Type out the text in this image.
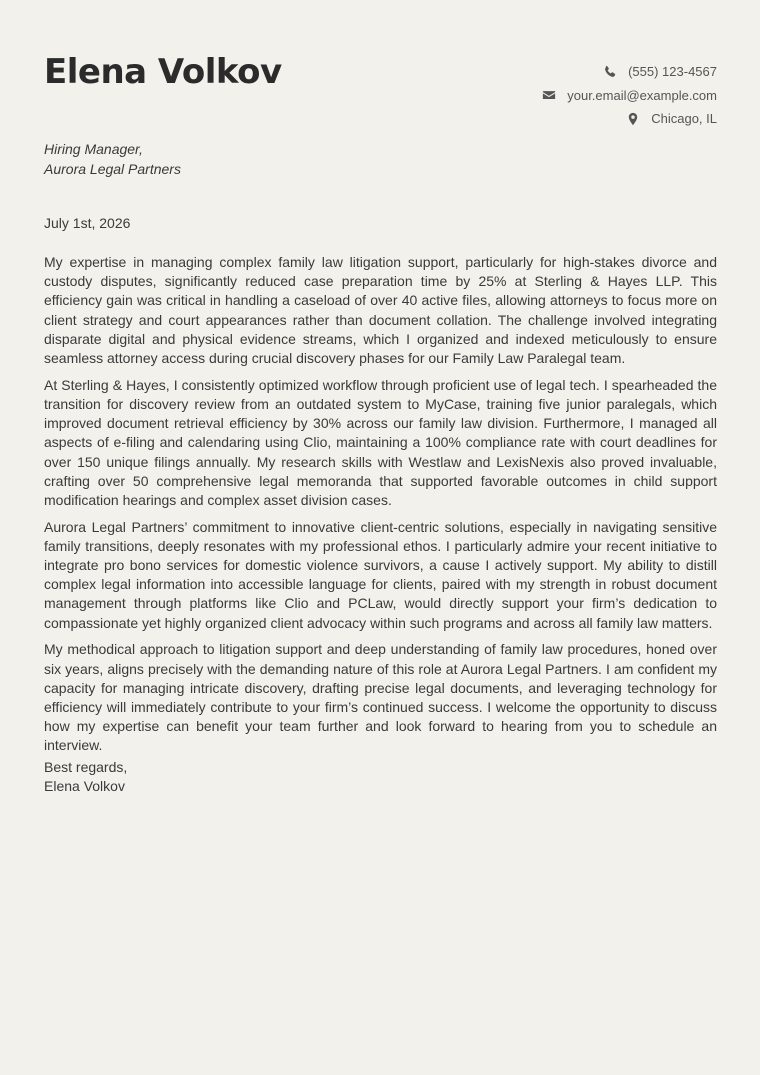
Elena Volkov	(555) 123-4567
your.email@example.com
Chicago, IL
Hiring Manager,
Aurora Legal Partners
July 1st, 2026

My expertise in managing complex family law litigation support, particularly for high-stakes divorce and custody disputes, significantly reduced case preparation time by 25% at Sterling & Hayes LLP. This efficiency gain was critical in handling a caseload of over 40 active files, allowing attorneys to focus more on client strategy and court appearances rather than document collation. The challenge involved integrating disparate digital and physical evidence streams, which I organized and indexed meticulously to ensure seamless attorney access during crucial discovery phases for our Family Law Paralegal team.

At Sterling & Hayes, I consistently optimized workflow through proficient use of legal tech. I spearheaded the transition for discovery review from an outdated system to MyCase, training five junior paralegals, which improved document retrieval efficiency by 30% across our family law division. Furthermore, I managed all aspects of e-filing and calendaring using Clio, maintaining a 100% compliance rate with court deadlines for over 150 unique filings annually. My research skills with Westlaw and LexisNexis also proved invaluable, crafting over 50 comprehensive legal memoranda that supported favorable outcomes in child support modification hearings and complex asset division cases.

Aurora Legal Partners’ commitment to innovative client-centric solutions, especially in navigating sensitive family transitions, deeply resonates with my professional ethos. I particularly admire your recent initiative to integrate pro bono services for domestic violence survivors, a cause I actively support. My ability to distill complex legal information into accessible language for clients, paired with my strength in robust document management through platforms like Clio and PCLaw, would directly support your firm’s dedication to compassionate yet highly organized client advocacy within such programs and across all family law matters.

My methodical approach to litigation support and deep understanding of family law procedures, honed over six years, aligns precisely with the demanding nature of this role at Aurora Legal Partners. I am confident my capacity for managing intricate discovery, drafting precise legal documents, and leveraging technology for efficiency will immediately contribute to your firm’s continued success. I welcome the opportunity to discuss how my expertise can benefit your team further and look forward to hearing from you to schedule an interview.

Best regards,
Elena Volkov
